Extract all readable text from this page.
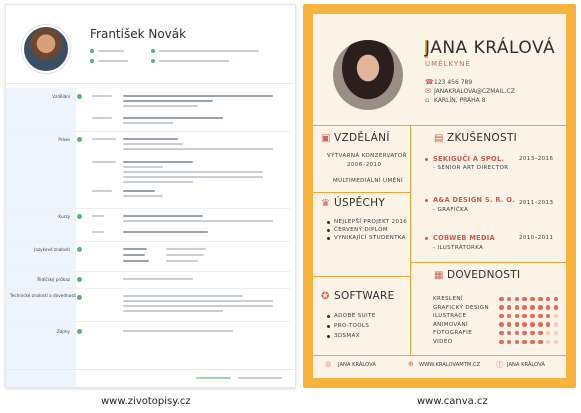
František Novák
Vzdělání
Praxe
Kurzy
Jazykové znalosti
Řidičský průkaz
Technické znalosti a dovednosti
Zájmy
JANA KRÁLOVÁ
UMĚLKYNĚ
☎ 123 456 789
✉ JANAKRALOVA@CZMAIL.CZ
⌂ KARLÍN, PRAHA 8
▣ VZDĚLÁNÍ
VÝTVARNÁ KONZERVATOŘ
2006–2010
MULTIMEDIÁLNÍ UMĚNÍ
♛ ÚSPĚCHY
NEJLEPŠÍ PROJEKT 2016
ČERVENÝ DIPLOM
VYNIKAJÍCÍ STUDENTKA
✪ SOFTWARE
ADOBE SUITE
PRO-TOOLS
3DSMAX
▤ ZKUŠENOSTI
SEKIGUČI A SPOL.	2013–2016
- SENIOR ART DIRECTOR
A&A DESIGN S. R. O. 2011–2013
- GRAFIČKA
COBWEB MEDIA	2010–2011
- ILUSTRÁTORKA
▦ DOVEDNOSTI
KRESLENÍ
GRAFICKÝ DESIGN
ILUSTRACE
ANIMOVÁNÍ
FOTOGRAFIE
VIDEO
◎ JANA KRÁLOVÁ	⊕ WWW.KRALOVAMTM.CZ ⓕ JANA KRÁLOVÁ
www.zivotopisy.cz	www.canva.cz
